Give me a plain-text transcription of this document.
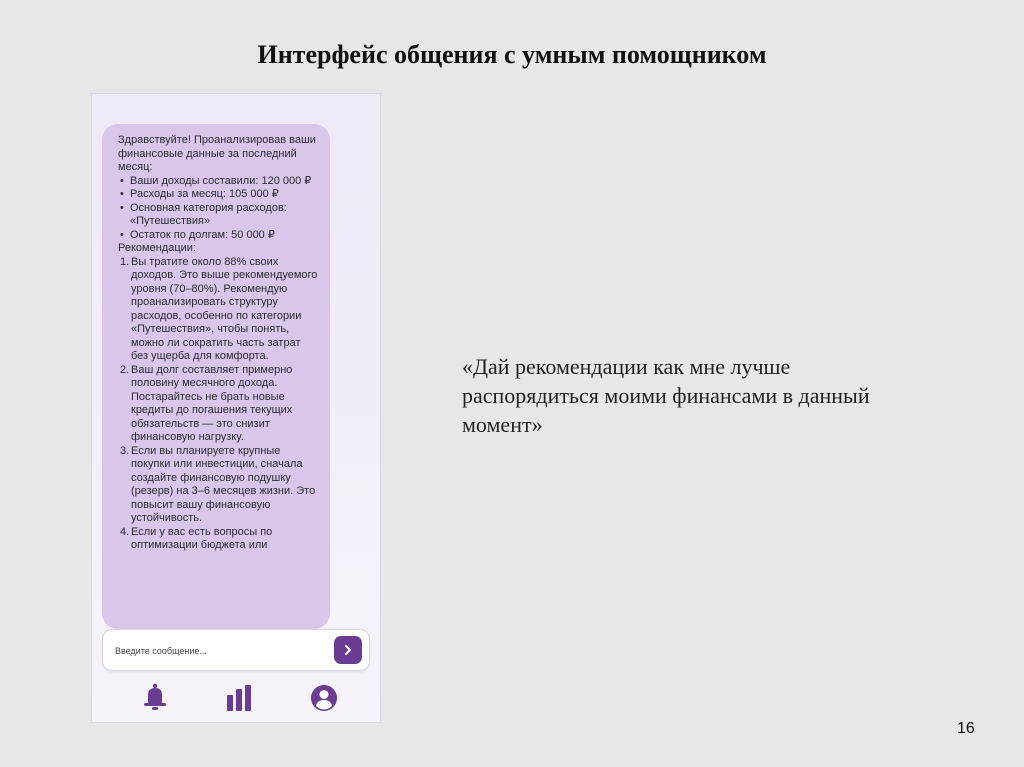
Интерфейс общения с умным помощником

Здравствуйте! Проанализировав ваши финансовые данные за последний месяц:

• Ваши доходы составили: 120 000 ₽
• Расходы за месяц: 105 000 ₽
• Основная категория расходов: «Путешествия»
• Остаток по долгам: 50 000 ₽

Рекомендации:

1. Вы тратите около 88% своих доходов. Это выше рекомендуемого уровня (70–80%). Рекомендую проанализировать структуру расходов, особенно по категории «Путешествия», чтобы понять, можно ли сократить часть затрат без ущерба для комфорта.
2. Ваш долг составляет примерно половину месячного дохода. Постарайтесь не брать новые кредиты до погашения текущих обязательств — это снизит финансовую нагрузку.
3. Если вы планируете крупные покупки или инвестиции, сначала создайте финансовую подушку (резерв) на 3–6 месяцев жизни. Это повысит вашу финансовую устойчивость.
4. Если у вас есть вопросы по оптимизации бюджета или
Введите сообщение...
«Дай рекомендации как мне лучше распорядиться моими финансами в данный момент»
16
